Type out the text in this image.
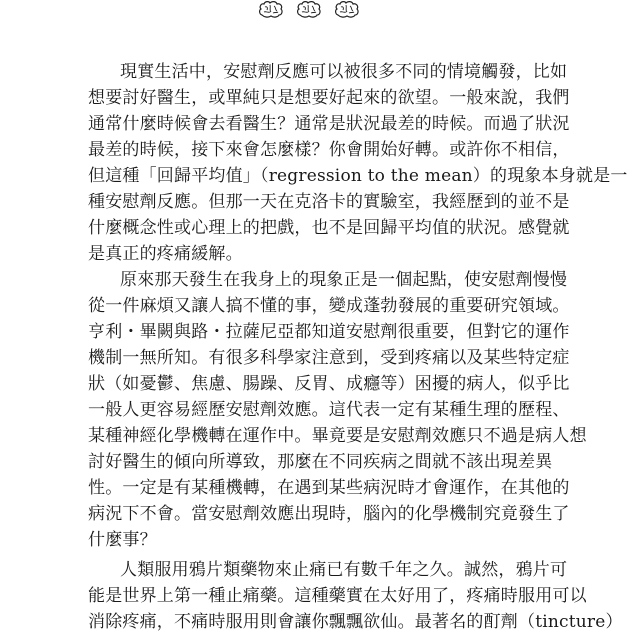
現實生活中，安慰劑反應可以被很多不同的情境觸發，比如
想要討好醫生，或單純只是想要好起來的欲望。一般來說，我們
通常什麼時候會去看醫生？通常是狀況最差的時候。而過了狀況
最差的時候，接下來會怎麼樣？你會開始好轉。或許你不相信，
但這種「回歸平均值」（regression to the mean）的現象本身就是一
種安慰劑反應。但那一天在克洛卡的實驗室，我經歷到的並不是
什麼概念性或心理上的把戲，也不是回歸平均值的狀況。感覺就
是真正的疼痛緩解。
原來那天發生在我身上的現象正是一個起點，使安慰劑慢慢
從一件麻煩又讓人搞不懂的事，變成蓬勃發展的重要研究領域。
亨利・畢闕與路・拉薩尼亞都知道安慰劑很重要，但對它的運作
機制一無所知。有很多科學家注意到，受到疼痛以及某些特定症
狀（如憂鬱、焦慮、腸躁、反胃、成癮等）困擾的病人，似乎比
一般人更容易經歷安慰劑效應。這代表一定有某種生理的歷程、
某種神經化學機轉在運作中。畢竟要是安慰劑效應只不過是病人想
討好醫生的傾向所導致，那麼在不同疾病之間就不該出現差異
性。一定是有某種機轉，在遇到某些病況時才會運作，在其他的
病況下不會。當安慰劑效應出現時，腦內的化學機制究竟發生了
什麼事？
人類服用鴉片類藥物來止痛已有數千年之久。誠然，鴉片可
能是世界上第一種止痛藥。這種藥實在太好用了，疼痛時服用可以
消除疼痛，不痛時服用則會讓你飄飄欲仙。最著名的酊劑（tincture）
